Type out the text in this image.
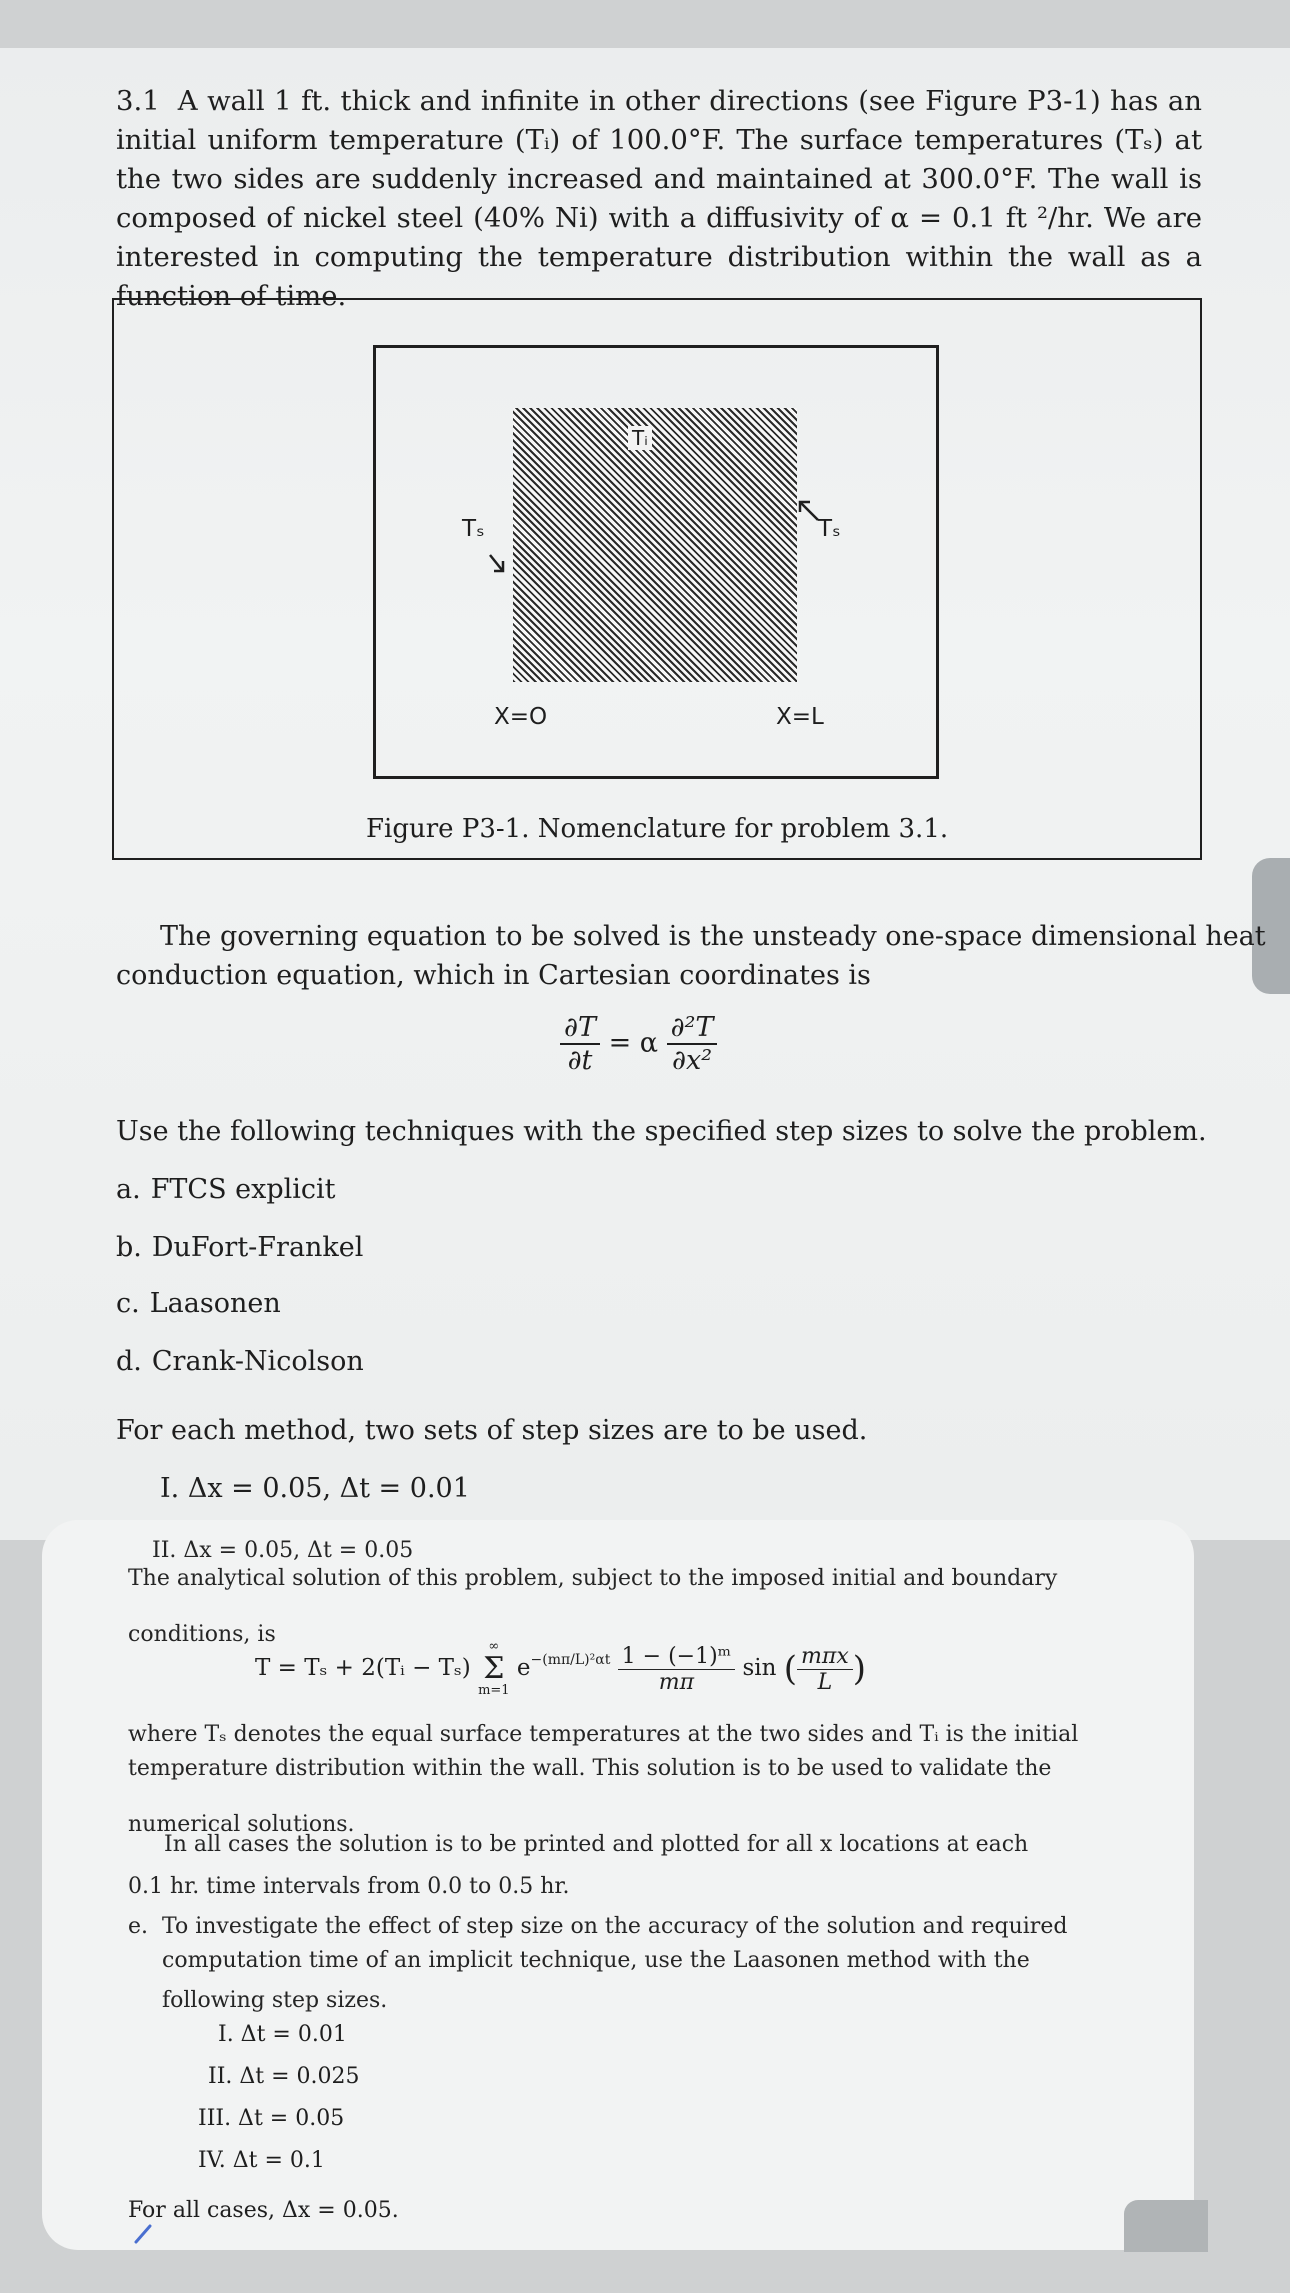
3.1 A wall 1 ft. thick and infinite in other directions (see Figure P3-1) has an initial uniform temperature (Tᵢ) of 100.0°F. The surface temperatures (Tₛ) at the two sides are suddenly increased and maintained at 300.0°F. The wall is composed of nickel steel (40% Ni) with a diffusivity of α = 0.1 ft ²/hr. We are interested in computing the temperature distribution within the wall as a function of time.
Tᵢ
Tₛ	Tₛ
X=O	X=L
Figure P3-1. Nomenclature for problem 3.1.
The governing equation to be solved is the unsteady one-space dimensional heat
conduction equation, which in Cartesian coordinates is
$\frac{\partial T}{\partial t} = \alpha \frac{\text{∂²T}}{\text{∂x²}}$
Use the following techniques with the specified step sizes to solve the problem.
a. FTCS explicit
b. DuFort-Frankel
c. Laasonen
d. Crank-Nicolson
For each method, two sets of step sizes are to be used.
I. Δx = 0.05, Δt = 0.01
II. Δx = 0.05, Δt = 0.05
The analytical solution of this problem, subject to the imposed initial and boundary
conditions, is
T = Tₛ + 2(Tᵢ − Tₛ) ∞
Σ
m=1 $e^{-(m\pi/L)^2\alpha t} \frac{\text{1 − (−1)ᵐ}}{m\pi}$ sin ( $\frac{\text{mπx}}{L}$ )
where Tₛ denotes the equal surface temperatures at the two sides and Tᵢ is the initial
temperature distribution within the wall. This solution is to be used to validate the
numerical solutions.
In all cases the solution is to be printed and plotted for all x locations at each
0.1 hr. time intervals from 0.0 to 0.5 hr.
e. To investigate the effect of step size on the accuracy of the solution and required
computation time of an implicit technique, use the Laasonen method with the
following step sizes.
I. Δt = 0.01
II. Δt = 0.025
III. Δt = 0.05
IV. Δt = 0.1
For all cases, Δx = 0.05.
